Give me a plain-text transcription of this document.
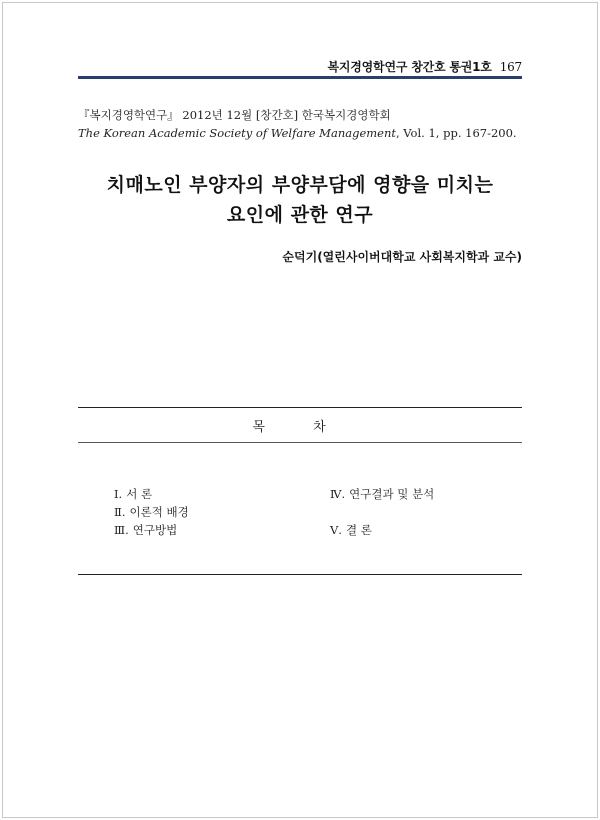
복지경영학연구 창간호 통권1호 167
『복지경영학연구』 2012년 12월 [창간호] 한국복지경영학회
The Korean Academic Society of Welfare Management, Vol. 1, pp. 167-200.
치매노인 부양자의 부양부담에 영향을 미치는
요인에 관한 연구
순덕기(열린사이버대학교 사회복지학과 교수)
목 차
Ⅰ. 서 론
Ⅱ. 이론적 배경
Ⅲ. 연구방법
Ⅳ. 연구결과 및 분석
Ⅴ. 결 론
